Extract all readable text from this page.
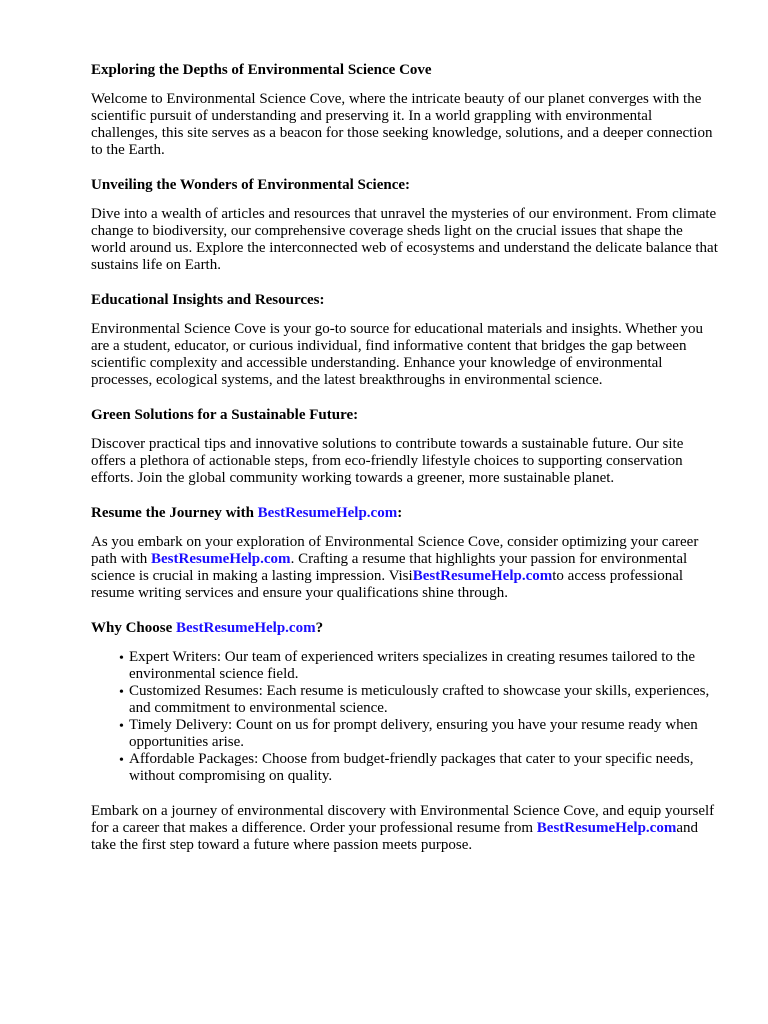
Exploring the Depths of Environmental Science Cove

Welcome to Environmental Science Cove, where the intricate beauty of our planet converges with the scientific pursuit of understanding and preserving it. In a world grappling with environmental challenges, this site serves as a beacon for those seeking knowledge, solutions, and a deeper connection to the Earth.

Unveiling the Wonders of Environmental Science:

Dive into a wealth of articles and resources that unravel the mysteries of our environment. From climate change to biodiversity, our comprehensive coverage sheds light on the crucial issues that shape the world around us. Explore the interconnected web of ecosystems and understand the delicate balance that sustains life on Earth.

Educational Insights and Resources:

Environmental Science Cove is your go-to source for educational materials and insights. Whether you are a student, educator, or curious individual, find informative content that bridges the gap between scientific complexity and accessible understanding. Enhance your knowledge of environmental processes, ecological systems, and the latest breakthroughs in environmental science.

Green Solutions for a Sustainable Future:

Discover practical tips and innovative solutions to contribute towards a sustainable future. Our site offers a plethora of actionable steps, from eco-friendly lifestyle choices to supporting conservation efforts. Join the global community working towards a greener, more sustainable planet.

Resume the Journey with BestResumeHelp.com:

As you embark on your exploration of Environmental Science Cove, consider optimizing your career path with BestResumeHelp.com. Crafting a resume that highlights your passion for environmental science is crucial in making a lasting impression. VisiBestResumeHelp.comto access professional resume writing services and ensure your qualifications shine through.

Why Choose BestResumeHelp.com?
• Expert Writers: Our team of experienced writers specializes in creating resumes tailored to the environmental science field.
• Customized Resumes: Each resume is meticulously crafted to showcase your skills, experiences, and commitment to environmental science.
• Timely Delivery: Count on us for prompt delivery, ensuring you have your resume ready when opportunities arise.
• Affordable Packages: Choose from budget-friendly packages that cater to your specific needs, without compromising on quality.

Embark on a journey of environmental discovery with Environmental Science Cove, and equip yourself for a career that makes a difference. Order your professional resume from BestResumeHelp.comand take the first step toward a future where passion meets purpose.
